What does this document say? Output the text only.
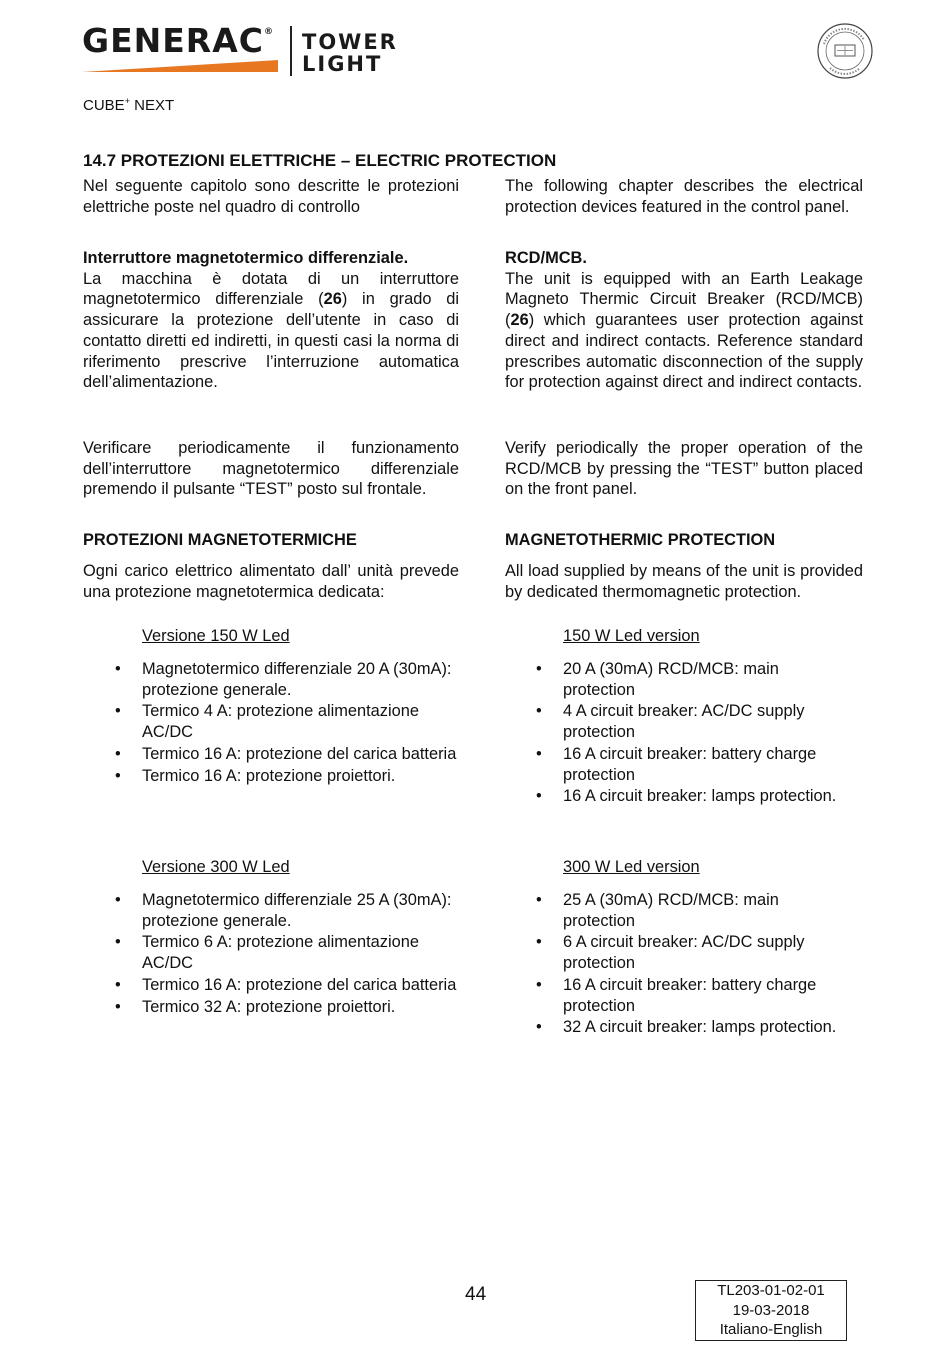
GENERAC® TOWER
LIGHT
CUBE+ NEXT
14.7 PROTEZIONI ELETTRICHE – ELECTRIC PROTECTION
Nel seguente capitolo sono descritte le protezioni elettriche poste nel quadro di controllo

Interruttore magnetotermico differenziale.

La macchina è dotata di un interruttore magnetotermico differenziale (26) in grado di assicurare la protezione dell’utente in caso di contatto diretti ed indiretti, in questi casi la norma di riferimento prescrive l’interruzione automatica dell’alimentazione.

Verificare periodicamente il funzionamento dell’interruttore magnetotermico differenziale premendo il pulsante “TEST” posto sul frontale.
PROTEZIONI MAGNETOTERMICHE
Ogni carico elettrico alimentato dall’ unità prevede una protezione magnetotermica dedicata:
Versione 150 W Led
• Magnetotermico differenziale 20 A (30mA): protezione generale.
• Termico 4 A: protezione alimentazione AC/DC
• Termico 16 A: protezione del carica batteria
• Termico 16 A: protezione proiettori.
Versione 300 W Led
• Magnetotermico differenziale 25 A (30mA): protezione generale.
• Termico 6 A: protezione alimentazione AC/DC
• Termico 16 A: protezione del carica batteria
• Termico 32 A: protezione proiettori.
The following chapter describes the electrical protection devices featured in the control panel.

RCD/MCB.

The unit is equipped with an Earth Leakage Magneto Thermic Circuit Breaker (RCD/MCB) (26) which guarantees user protection against direct and indirect contacts. Reference standard prescribes automatic disconnection of the supply for protection against direct and indirect contacts.

Verify periodically the proper operation of the RCD/MCB by pressing the “TEST” button placed on the front panel.
MAGNETOTHERMIC PROTECTION
All load supplied by means of the unit is provided by dedicated thermomagnetic protection.
150 W Led version
• 20 A (30mA) RCD/MCB: main protection
• 4 A circuit breaker: AC/DC supply protection
• 16 A circuit breaker: battery charge protection
• 16 A circuit breaker: lamps protection.
300 W Led version
• 25 A (30mA) RCD/MCB: main protection
• 6 A circuit breaker: AC/DC supply protection
• 16 A circuit breaker: battery charge protection
• 32 A circuit breaker: lamps protection.
44	TL203-01-02-01
19-03-2018
Italiano-English
